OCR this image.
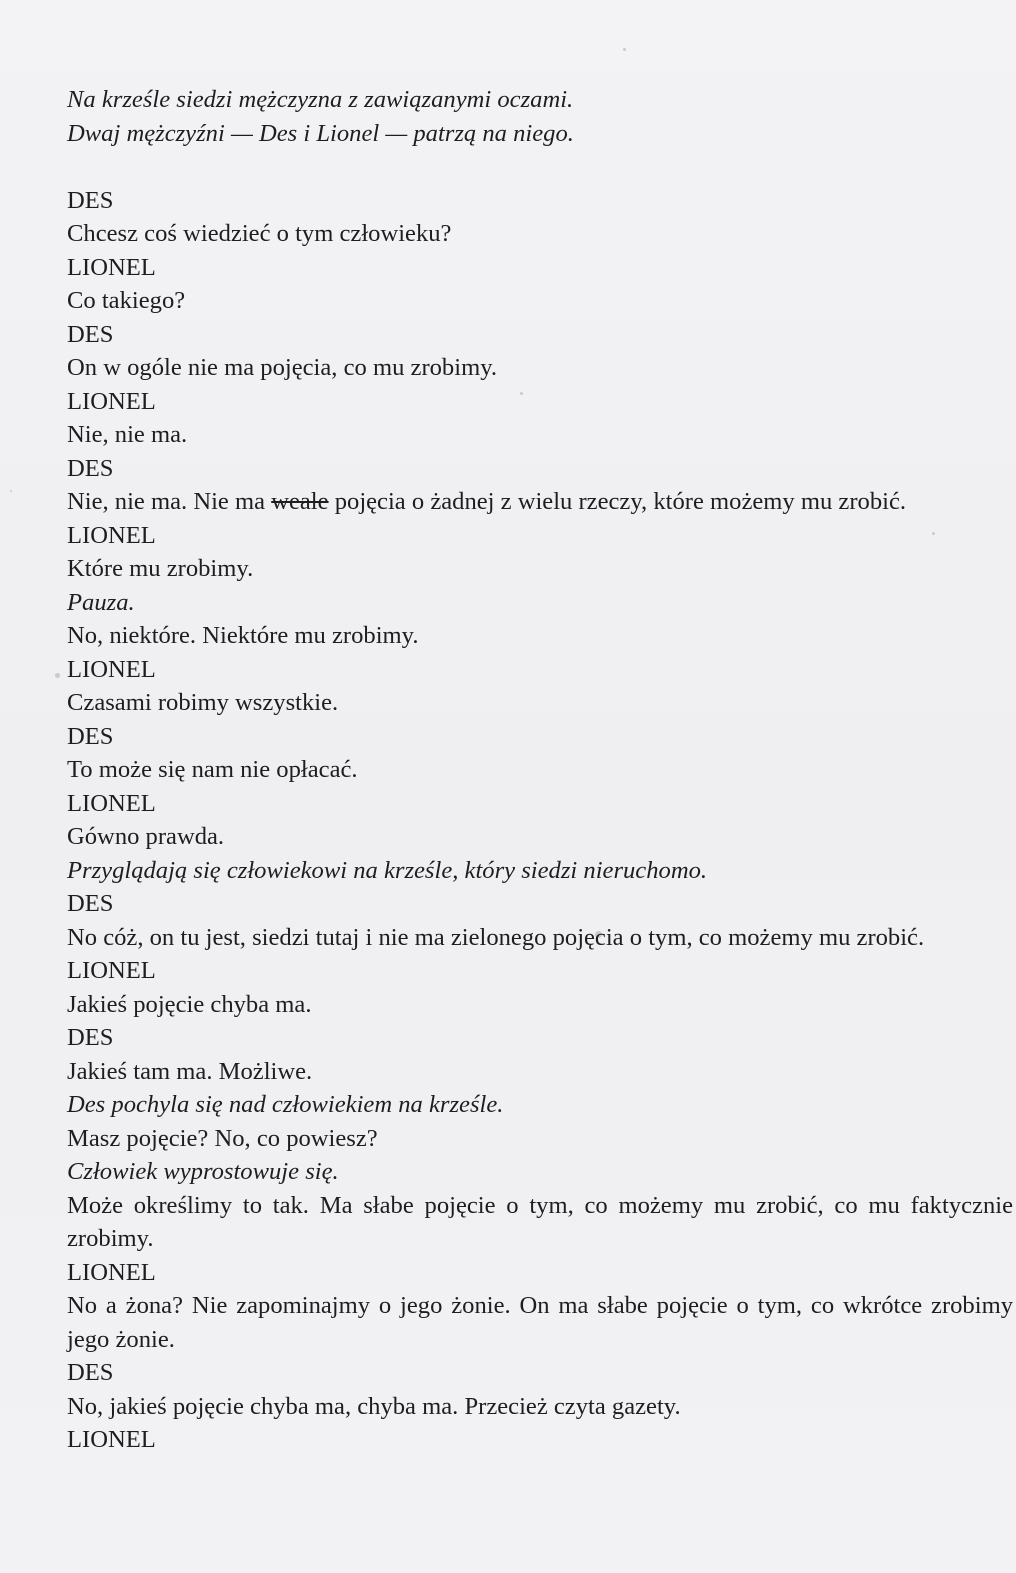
Na krześle siedzi mężczyzna z zawiązanymi oczami.
Dwaj mężczyźni — Des i Lionel — patrzą na niego.
DES
Chcesz coś wiedzieć o tym człowieku?
LIONEL
Co takiego?
DES
On w ogóle nie ma pojęcia, co mu zrobimy.
LIONEL
Nie, nie ma.
DES
Nie, nie ma. Nie ma weale pojęcia o żadnej z wielu rzeczy, które możemy mu zrobić.
LIONEL
Które mu zrobimy.
Pauza.
No, niektóre. Niektóre mu zrobimy.
LIONEL
Czasami robimy wszystkie.
DES
To może się nam nie opłacać.
LIONEL
Gówno prawda.
Przyglądają się człowiekowi na krześle, który siedzi nieruchomo.
DES
No cóż, on tu jest, siedzi tutaj i nie ma zielonego pojęcia o tym, co możemy mu zrobić.
LIONEL
Jakieś pojęcie chyba ma.
DES
Jakieś tam ma. Możliwe.
Des pochyla się nad człowiekiem na krześle.
Masz pojęcie? No, co powiesz?
Człowiek wyprostowuje się.
Może określimy to tak. Ma słabe pojęcie o tym, co możemy mu zrobić, co mu faktycznie zrobimy.
LIONEL
No a żona? Nie zapominajmy o jego żonie. On ma słabe pojęcie o tym, co wkrótce zrobimy jego żonie.
DES
No, jakieś pojęcie chyba ma, chyba ma. Przecież czyta gazety.
LIONEL
